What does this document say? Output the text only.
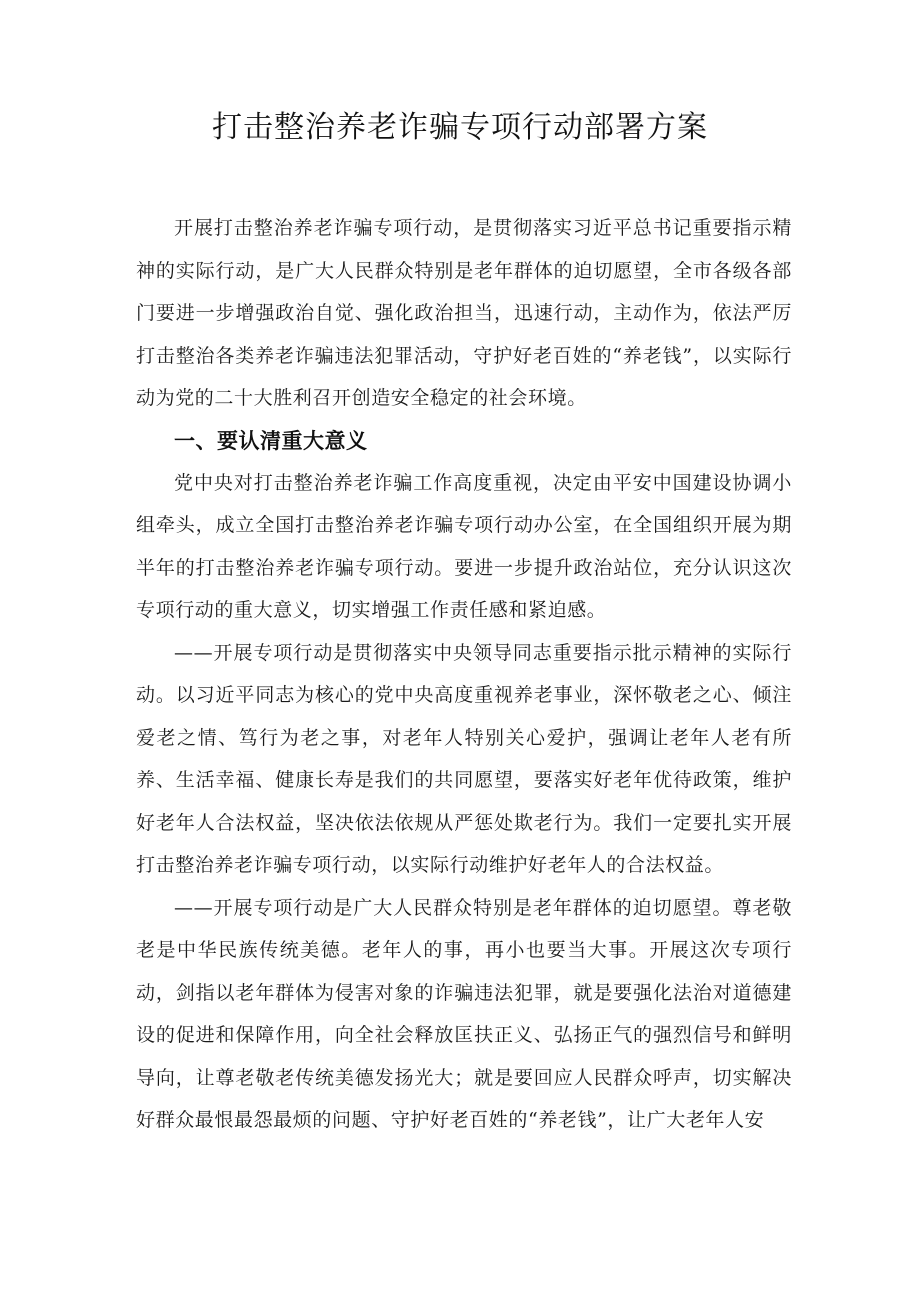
打击整治养老诈骗专项行动部署方案

开展打击整治养老诈骗专项行动，是贯彻落实习近平总书记重要指示精神的实际行动，是广大人民群众特别是老年群体的迫切愿望，全市各级各部门要进一步增强政治自觉、强化政治担当，迅速行动，主动作为，依法严厉打击整治各类养老诈骗违法犯罪活动，守护好老百姓的“养老钱”，以实际行动为党的二十大胜利召开创造安全稳定的社会环境。

一、要认清重大意义

党中央对打击整治养老诈骗工作高度重视，决定由平安中国建设协调小组牵头，成立全国打击整治养老诈骗专项行动办公室，在全国组织开展为期半年的打击整治养老诈骗专项行动。要进一步提升政治站位，充分认识这次专项行动的重大意义，切实增强工作责任感和紧迫感。

——开展专项行动是贯彻落实中央领导同志重要指示批示精神的实际行动。以习近平同志为核心的党中央高度重视养老事业，深怀敬老之心、倾注爱老之情、笃行为老之事，对老年人特别关心爱护，强调让老年人老有所养、生活幸福、健康长寿是我们的共同愿望，要落实好老年优待政策，维护好老年人合法权益，坚决依法依规从严惩处欺老行为。我们一定要扎实开展打击整治养老诈骗专项行动，以实际行动维护好老年人的合法权益。

——开展专项行动是广大人民群众特别是老年群体的迫切愿望。尊老敬老是中华民族传统美德。老年人的事，再小也要当大事。开展这次专项行动，剑指以老年群体为侵害对象的诈骗违法犯罪，就是要强化法治对道德建设的促进和保障作用，向全社会释放匡扶正义、弘扬正气的强烈信号和鲜明导向，让尊老敬老传统美德发扬光大；就是要回应人民群众呼声，切实解决好群众最恨最怨最烦的问题、守护好老百姓的“养老钱”，让广大老年人安
